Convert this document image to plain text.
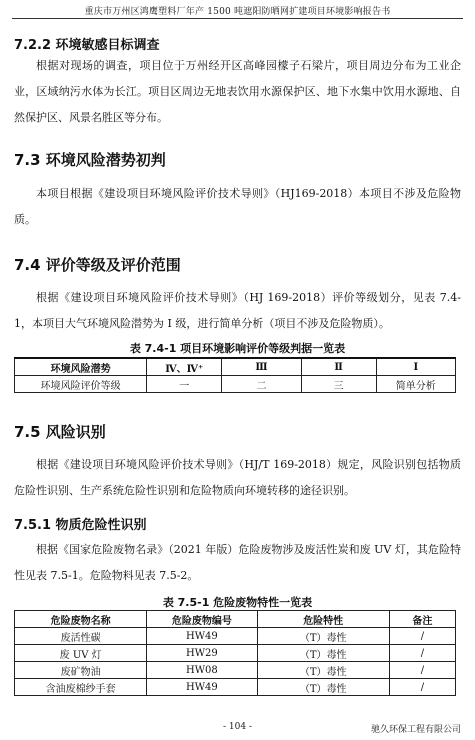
重庆市万州区鸿鹰塑料厂年产 1500 吨遮阳防晒网扩建项目环境影响报告书
7.2.2 环境敏感目标调查

根据对现场的调查，项目位于万州经开区高峰园檬子石梁片，项目周边分布为工业企业，区域纳污水体为长江。项目区周边无地表饮用水源保护区、地下水集中饮用水源地、自然保护区、风景名胜区等分布。

7.3 环境风险潜势初判

本项目根据《建设项目环境风险评价技术导则》（HJ169-2018）本项目不涉及危险物质。

7.4 评价等级及评价范围

根据《建设项目环境风险评价技术导则》（HJ 169-2018）评价等级划分，见表 7.4-1，本项目大气环境风险潜势为 I 级，进行简单分析（项目不涉及危险物质）。

表 7.4-1 项目环境影响评价等级判据一览表
环境风险潜势	Ⅳ、Ⅳ⁺	Ⅲ	Ⅱ	Ⅰ
环境风险评价等级	一	二	三	简单分析
7.5 风险识别

根据《建设项目环境风险评价技术导则》（HJ/T 169-2018）规定，风险识别包括物质危险性识别、生产系统危险性识别和危险物质向环境转移的途径识别。

7.5.1 物质危险性识别

根据《国家危险废物名录》（2021 年版）危险废物涉及废活性炭和废 UV 灯，其危险特性见表 7.5-1。危险物料见表 7.5-2。

表 7.5-1 危险废物特性一览表
危险废物名称	危险废物编号	危险特性	备注
废活性碳	HW49	（T）毒性	/
废 UV 灯	HW29	（T）毒性	/
废矿物油	HW08	（T）毒性	/
含油废棉纱手套	HW49	（T）毒性	/
- 104 -	驰久环保工程有限公司
